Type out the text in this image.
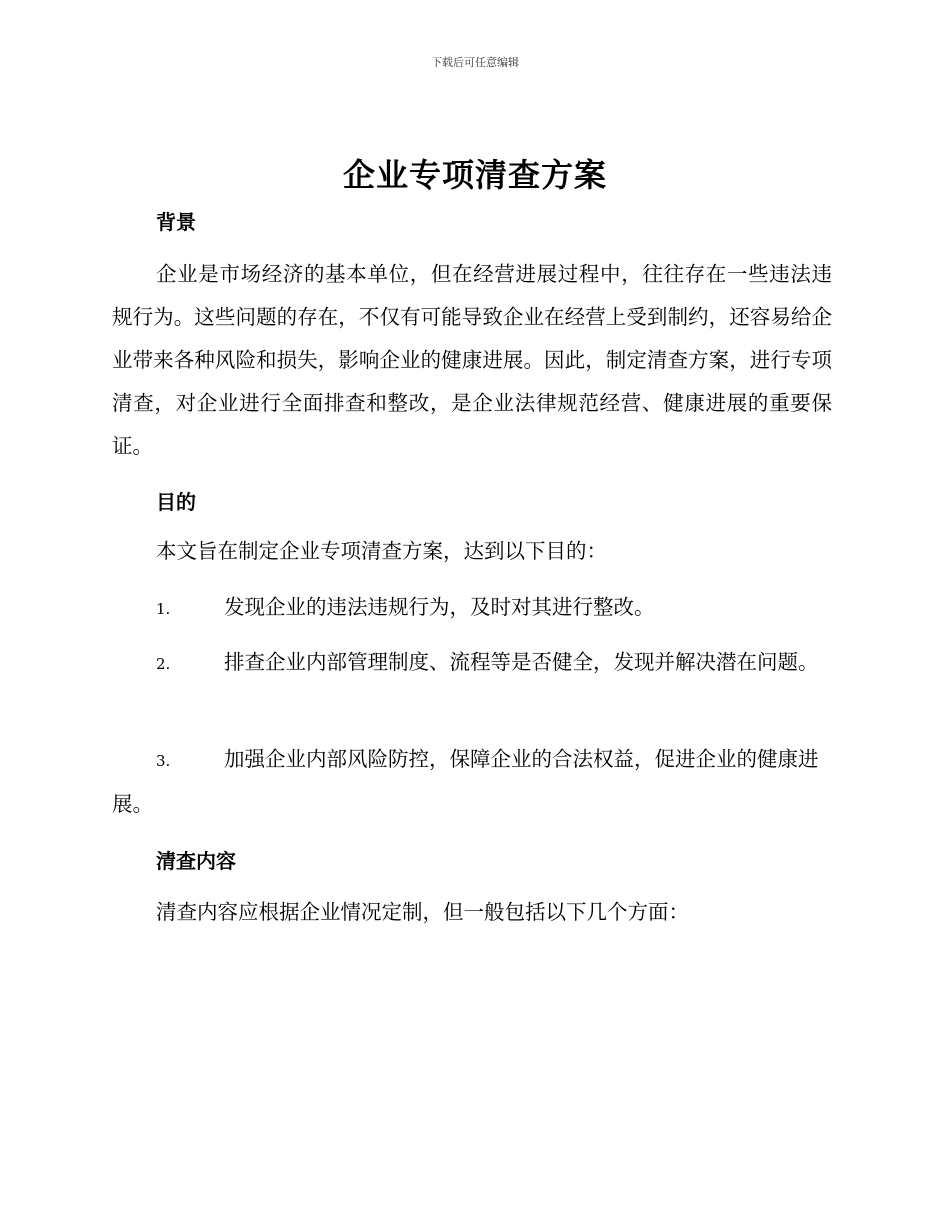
下载后可任意编辑
企业专项清查方案
背景

企业是市场经济的基本单位，但在经营进展过程中，往往存在一些违法违规行为。这些问题的存在，不仅有可能导致企业在经营上受到制约，还容易给企业带来各种风险和损失，影响企业的健康进展。因此，制定清查方案，进行专项清查，对企业进行全面排查和整改，是企业法律规范经营、健康进展的重要保证。

目的

本文旨在制定企业专项清查方案，达到以下目的：

1.	发现企业的违法违规行为，及时对其进行整改。

2.	排查企业内部管理制度、流程等是否健全，发现并解决潜在问题。

3.	加强企业内部风险防控，保障企业的合法权益，促进企业的健康进展。

清查内容

清查内容应根据企业情况定制，但一般包括以下几个方面：
